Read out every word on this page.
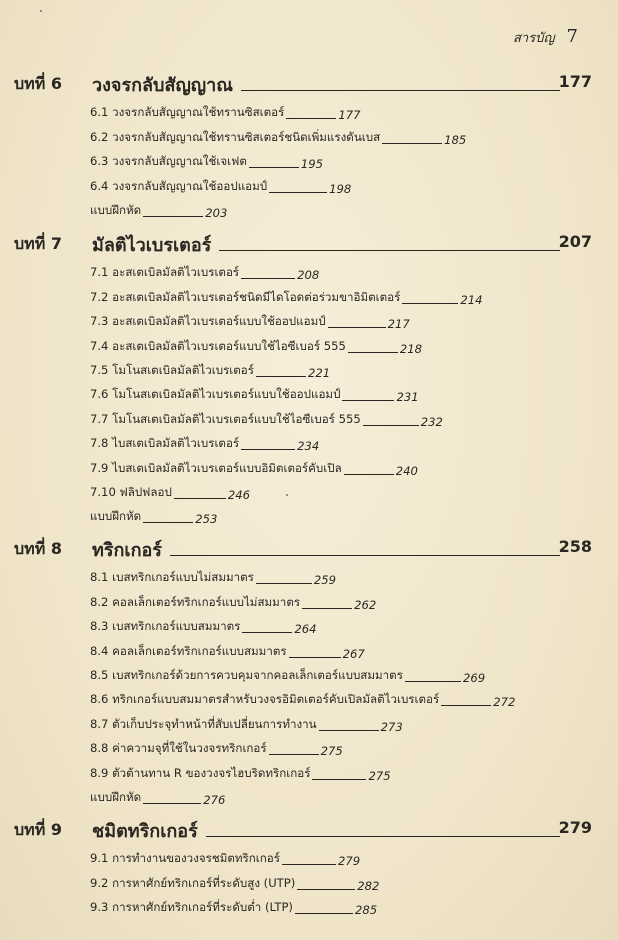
สารบัญ 7
บทที่ 6 วงจรกลับสัญญาณ	177
6.1 วงจรกลับสัญญาณใช้ทรานซิสเตอร์	177
6.2 วงจรกลับสัญญาณใช้ทรานซิสเตอร์ชนิดเพิ่มแรงดันเบส	185
6.3 วงจรกลับสัญญาณใช้เจเฟต	195
6.4 วงจรกลับสัญญาณใช้ออปแอมป์	198
แบบฝึกหัด	203
บทที่ 7 มัลติไวเบรเตอร์	207
7.1 อะสเตเบิลมัลติไวเบรเตอร์	208
7.2 อะสเตเบิลมัลติไวเบรเตอร์ชนิดมีไดโอดต่อร่วมขาอิมิตเตอร์	214
7.3 อะสเตเบิลมัลติไวเบรเตอร์แบบใช้ออปแอมป์	217
7.4 อะสเตเบิลมัลติไวเบรเตอร์แบบใช้ไอซีเบอร์ 555	218
7.5 โมโนสเตเบิลมัลติไวเบรเตอร์	221
7.6 โมโนสเตเบิลมัลติไวเบรเตอร์แบบใช้ออปแอมป์	231
7.7 โมโนสเตเบิลมัลติไวเบรเตอร์แบบใช้ไอซีเบอร์ 555	232
7.8 ไบสเตเบิลมัลติไวเบรเตอร์	234
7.9 ไบสเตเบิลมัลติไวเบรเตอร์แบบอิมิตเตอร์คับเปิล	240
7.10 ฟลิปฟลอป	246
แบบฝึกหัด	253
บทที่ 8 ทริกเกอร์	258
8.1 เบสทริกเกอร์แบบไม่สมมาตร	259
8.2 คอลเล็กเตอร์ทริกเกอร์แบบไม่สมมาตร	262
8.3 เบสทริกเกอร์แบบสมมาตร	264
8.4 คอลเล็กเตอร์ทริกเกอร์แบบสมมาตร	267
8.5 เบสทริกเกอร์ด้วยการควบคุมจากคอลเล็กเตอร์แบบสมมาตร	269
8.6 ทริกเกอร์แบบสมมาตรสำหรับวงจรอิมิตเตอร์คับเปิลมัลติไวเบรเตอร์	272
8.7 ตัวเก็บประจุทำหน้าที่สับเปลี่ยนการทำงาน	273
8.8 ค่าความจุที่ใช้ในวงจรทริกเกอร์	275
8.9 ตัวต้านทาน R ของวงจรไฮบริดทริกเกอร์	275
แบบฝึกหัด	276
บทที่ 9 ชมิตทริกเกอร์	279
9.1 การทำงานของวงจรชมิตทริกเกอร์	279
9.2 การหาศักย์ทริกเกอร์ที่ระดับสูง (UTP)	282
9.3 การหาศักย์ทริกเกอร์ที่ระดับต่ำ (LTP)	285
